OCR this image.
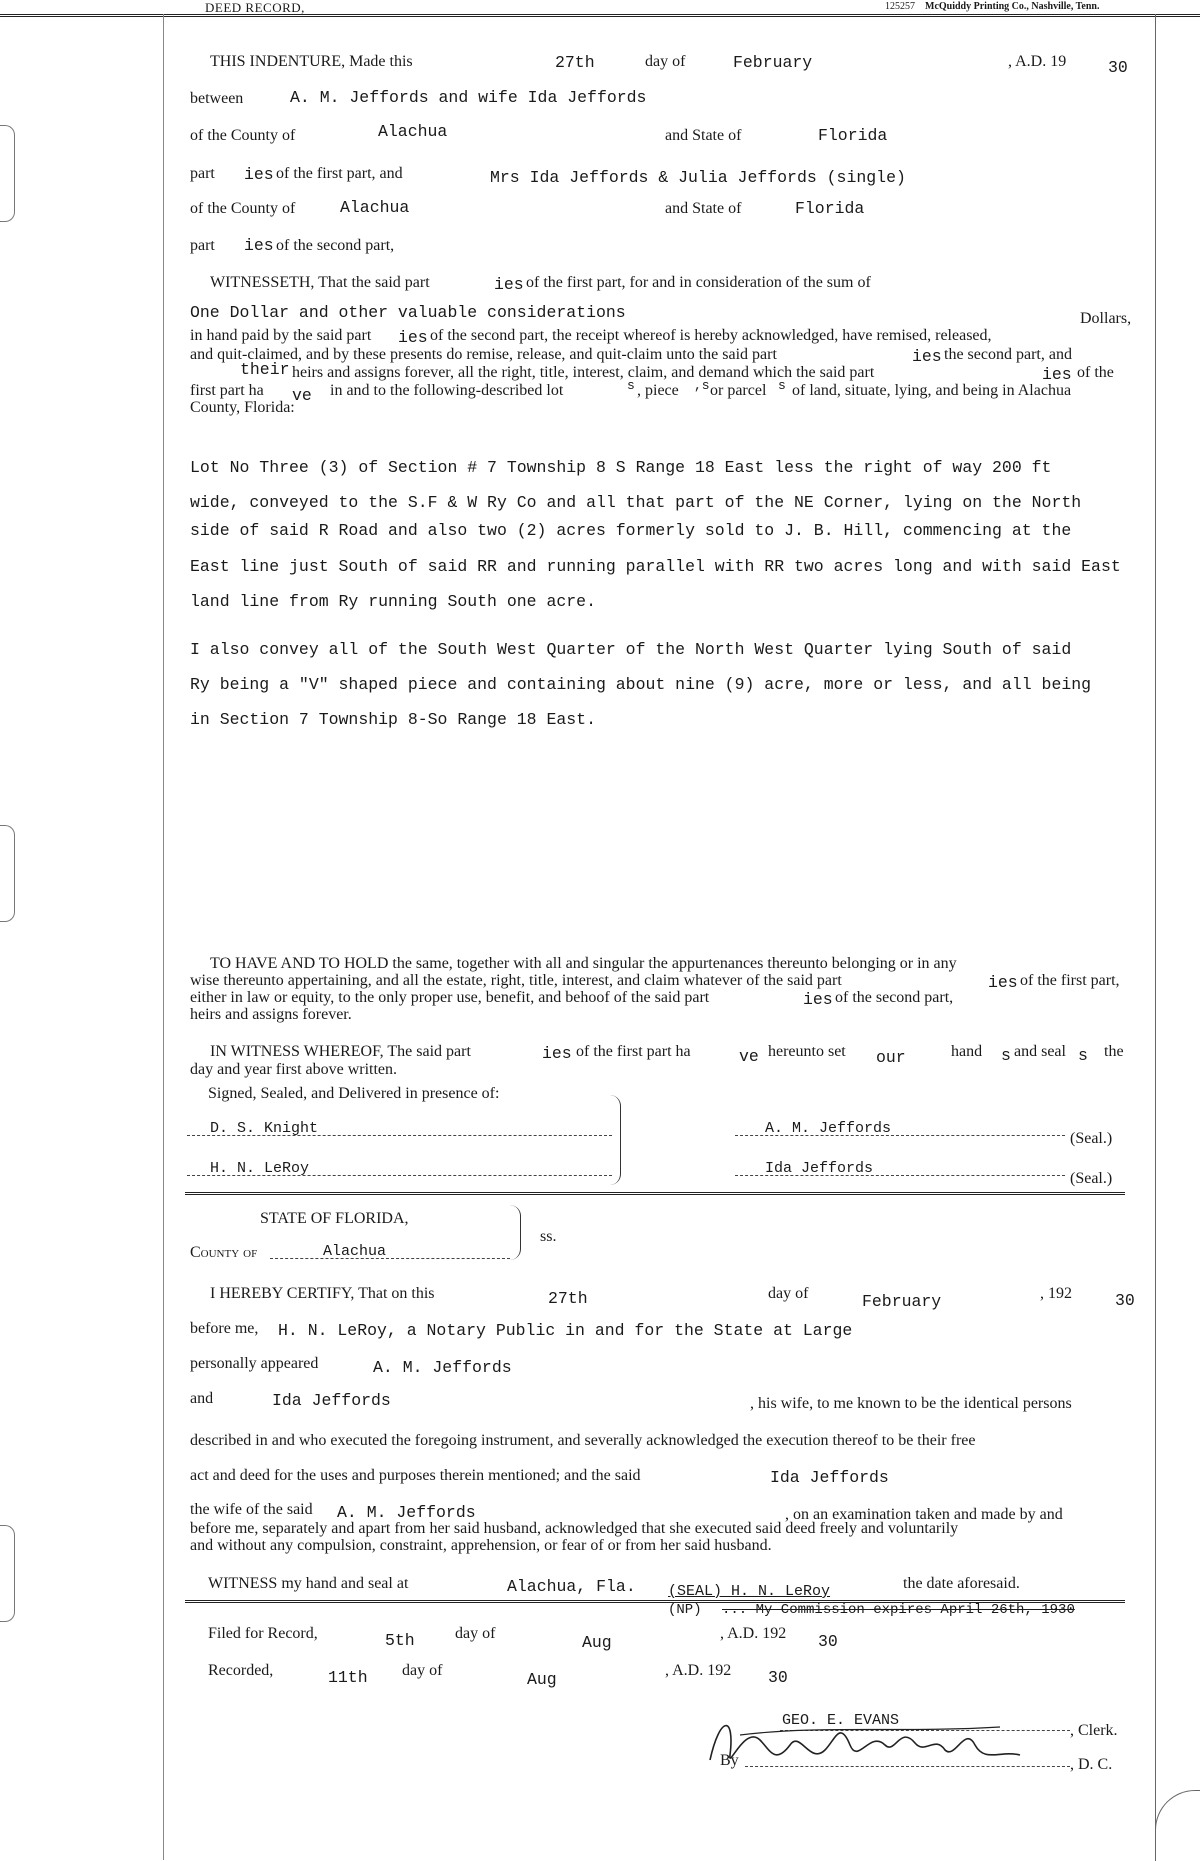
DEED RECORD,	125257 McQuiddy Printing Co., Nashville, Tenn.
THIS INDENTURE, Made this	27th	day of	February	, A.D. 19	30
between	A. M. Jeffords and wife Ida Jeffords
of the County of	Alachua	and State of	Florida
part ies of the first part, and	Mrs Ida Jeffords & Julia Jeffords (single)
of the County of	Alachua	and State of	Florida
part ies of the second part,
WITNESSETH, That the said part	ies of the first part, for and in consideration of the sum of
One Dollar and other valuable considerations	Dollars,
in hand paid by the said part ies of the second part, the receipt whereof is hereby acknowledged, have remised, released,
and quit-claimed, and by these presents do remise, release, and quit-claim unto the said part	ies the second part, and
their heirs and assigns forever, all the right, title, interest, claim, and demand which the said part	ies of the
first part ha ve in and to the following-described lot	s , piece ,s or parcel s of land, situate, lying, and being in Alachua
County, Florida:
Lot No Three (3) of Section # 7 Township 8 S Range 18 East less the right of way 200 ft
wide, conveyed to the S.F & W Ry Co and all that part of the NE Corner, lying on the North
side of said R Road and also two (2) acres formerly sold to J. B. Hill, commencing at the
East line just South of said RR and running parallel with RR two acres long and with said East
land line from Ry running South one acre.
I also convey all of the South West Quarter of the North West Quarter lying South of said
Ry being a "V" shaped piece and containing about nine (9) acre, more or less, and all being
in Section 7 Township 8-So Range 18 East.
TO HAVE AND TO HOLD the same, together with all and singular the appurtenances thereunto belonging or in any
wise thereunto appertaining, and all the estate, right, title, interest, and claim whatever of the said part	ies of the first part,
either in law or equity, to the only proper use, benefit, and behoof of the said part	ies of the second part,
heirs and assigns forever.
IN WITNESS WHEREOF, The said part	ies of the first part ha	ve hereunto set our	hand s and seal s the
day and year first above written.
Signed, Sealed, and Delivered in presence of:
D. S. Knight
H. N. LeRoy
A. M. Jeffords
(Seal.)
Ida Jeffords
(Seal.)
STATE OF FLORIDA,
County of	Alachua
ss.
I HEREBY CERTIFY, That on this	27th	day of	February	, 192	30
before me, H. N. LeRoy, a Notary Public in and for the State at Large
personally appeared	A. M. Jeffords
and	Ida Jeffords	, his wife, to me known to be the identical persons
described in and who executed the foregoing instrument, and severally acknowledged the execution thereof to be their free
act and deed for the uses and purposes therein mentioned; and the said	Ida Jeffords
the wife of the said A. M. Jeffords	, on an examination taken and made by and
before me, separately and apart from her said husband, acknowledged that she executed said deed freely and voluntarily
and without any compulsion, constraint, apprehension, or fear of or from her said husband.
WITNESS my hand and seal at	Alachua, Fla. (SEAL) H. N. LeRoy	the date aforesaid.
(NP) ... My Commission expires April 26th, 1930
Filed for Record,	5th	day of	Aug	, A.D. 192 30
Recorded,	11th day of	Aug	, A.D. 192 30
GEO. E. EVANS
, Clerk.
By	, D. C.
